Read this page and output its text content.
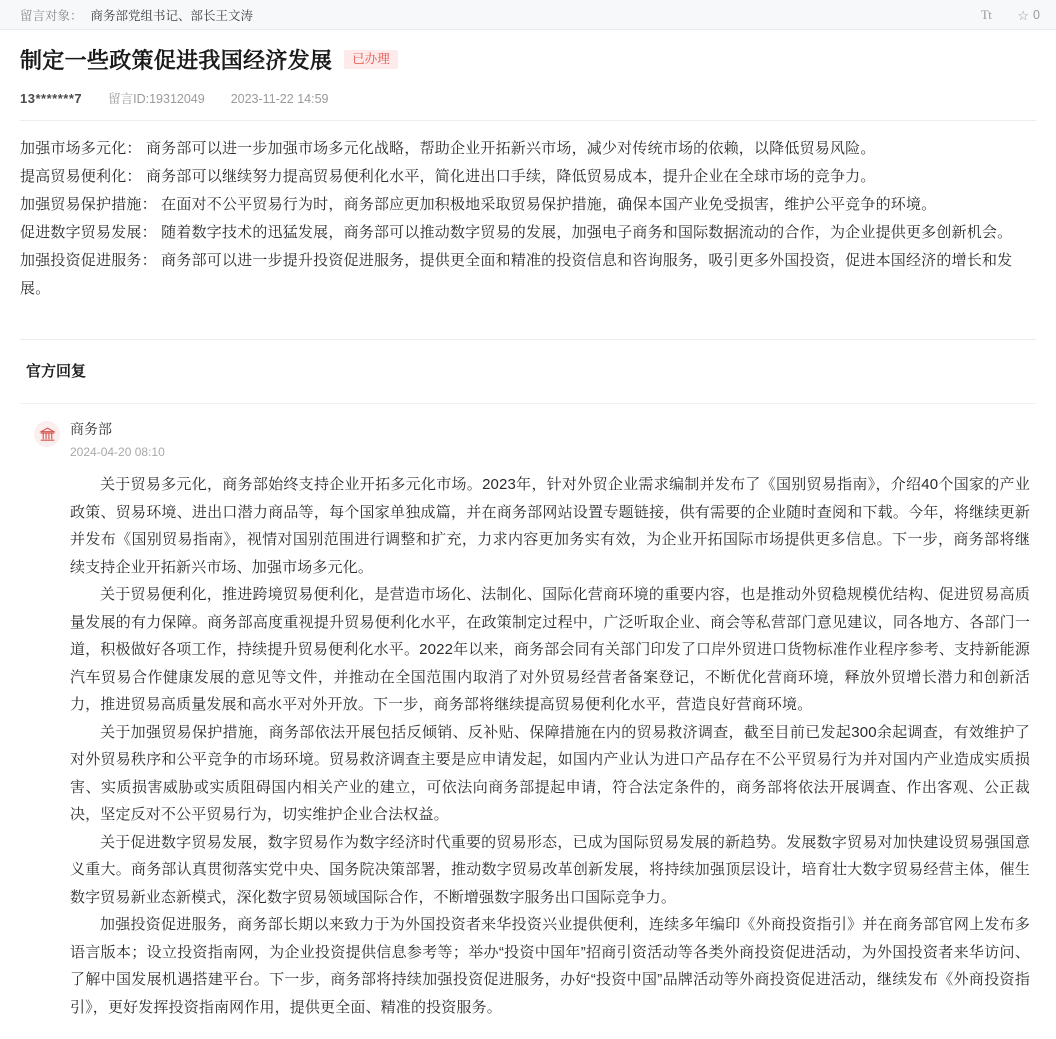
留言对象： 商务部党组书记、部长王文涛	Tt ☆ 0
制定一些政策促进我国经济发展	已办理
13*******7 留言ID:19312049 2023-11-22 14:59

加强市场多元化： 商务部可以进一步加强市场多元化战略，帮助企业开拓新兴市场，减少对传统市场的依赖，以降低贸易风险。

提高贸易便利化： 商务部可以继续努力提高贸易便利化水平，简化进出口手续，降低贸易成本，提升企业在全球市场的竞争力。

加强贸易保护措施： 在面对不公平贸易行为时，商务部应更加积极地采取贸易保护措施，确保本国产业免受损害，维护公平竞争的环境。

促进数字贸易发展： 随着数字技术的迅猛发展，商务部可以推动数字贸易的发展，加强电子商务和国际数据流动的合作，为企业提供更多创新机会。

加强投资促进服务： 商务部可以进一步提升投资促进服务，提供更全面和精准的投资信息和咨询服务，吸引更多外国投资，促进本国经济的增长和发展。

官方回复
商务部
2024-04-20 08:10

关于贸易多元化，商务部始终支持企业开拓多元化市场。2023年，针对外贸企业需求编制并发布了《国别贸易指南》，介绍40个国家的产业政策、贸易环境、进出口潜力商品等，每个国家单独成篇，并在商务部网站设置专题链接，供有需要的企业随时查阅和下载。今年，将继续更新并发布《国别贸易指南》，视情对国别范围进行调整和扩充，力求内容更加务实有效，为企业开拓国际市场提供更多信息。下一步，商务部将继续支持企业开拓新兴市场、加强市场多元化。

关于贸易便利化，推进跨境贸易便利化，是营造市场化、法制化、国际化营商环境的重要内容，也是推动外贸稳规模优结构、促进贸易高质量发展的有力保障。商务部高度重视提升贸易便利化水平，在政策制定过程中，广泛听取企业、商会等私营部门意见建议，同各地方、各部门一道，积极做好各项工作，持续提升贸易便利化水平。2022年以来，商务部会同有关部门印发了口岸外贸进口货物标准作业程序参考、支持新能源汽车贸易合作健康发展的意见等文件，并推动在全国范围内取消了对外贸易经营者备案登记，不断优化营商环境，释放外贸增长潜力和创新活力，推进贸易高质量发展和高水平对外开放。下一步，商务部将继续提高贸易便利化水平，营造良好营商环境。

关于加强贸易保护措施，商务部依法开展包括反倾销、反补贴、保障措施在内的贸易救济调查，截至目前已发起300余起调查，有效维护了对外贸易秩序和公平竞争的市场环境。贸易救济调查主要是应申请发起，如国内产业认为进口产品存在不公平贸易行为并对国内产业造成实质损害、实质损害威胁或实质阻碍国内相关产业的建立，可依法向商务部提起申请，符合法定条件的，商务部将依法开展调查、作出客观、公正裁决，坚定反对不公平贸易行为，切实维护企业合法权益。

关于促进数字贸易发展，数字贸易作为数字经济时代重要的贸易形态，已成为国际贸易发展的新趋势。发展数字贸易对加快建设贸易强国意义重大。商务部认真贯彻落实党中央、国务院决策部署，推动数字贸易改革创新发展，将持续加强顶层设计，培育壮大数字贸易经营主体，催生数字贸易新业态新模式，深化数字贸易领域国际合作，不断增强数字服务出口国际竞争力。

加强投资促进服务，商务部长期以来致力于为外国投资者来华投资兴业提供便利，连续多年编印《外商投资指引》并在商务部官网上发布多语言版本；设立投资指南网，为企业投资提供信息参考等；举办“投资中国年”招商引资活动等各类外商投资促进活动，为外国投资者来华访问、了解中国发展机遇搭建平台。下一步，商务部将持续加强投资促进服务，办好“投资中国”品牌活动等外商投资促进活动，继续发布《外商投资指引》，更好发挥投资指南网作用，提供更全面、精准的投资服务。
